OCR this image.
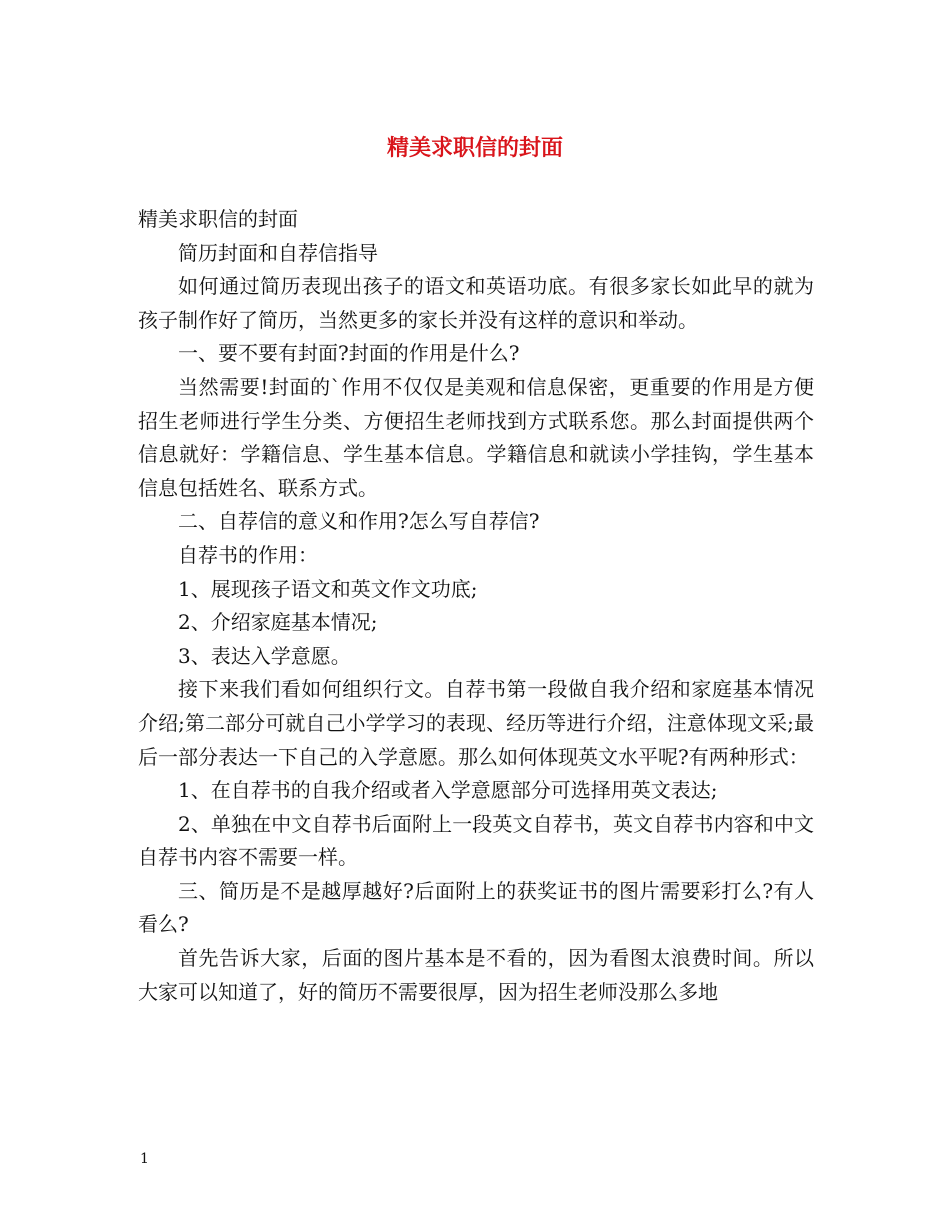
精美求职信的封面

精美求职信的封面

简历封面和自荐信指导

如何通过简历表现出孩子的语文和英语功底。有很多家长如此早的就为孩子制作好了简历，当然更多的家长并没有这样的意识和举动。

一、要不要有封面?封面的作用是什么?

当然需要!封面的`作用不仅仅是美观和信息保密，更重要的作用是方便招生老师进行学生分类、方便招生老师找到方式联系您。那么封面提供两个信息就好：学籍信息、学生基本信息。学籍信息和就读小学挂钩，学生基本信息包括姓名、联系方式。

二、自荐信的意义和作用?怎么写自荐信?

自荐书的作用：

1、展现孩子语文和英文作文功底;

2、介绍家庭基本情况;

3、表达入学意愿。

接下来我们看如何组织行文。自荐书第一段做自我介绍和家庭基本情况介绍;第二部分可就自己小学学习的表现、经历等进行介绍，注意体现文采;最后一部分表达一下自己的入学意愿。那么如何体现英文水平呢?有两种形式：

1、在自荐书的自我介绍或者入学意愿部分可选择用英文表达;

2、单独在中文自荐书后面附上一段英文自荐书，英文自荐书内容和中文自荐书内容不需要一样。

三、简历是不是越厚越好?后面附上的获奖证书的图片需要彩打么?有人看么?

首先告诉大家，后面的图片基本是不看的，因为看图太浪费时间。所以大家可以知道了，好的简历不需要很厚，因为招生老师没那么多地

1
